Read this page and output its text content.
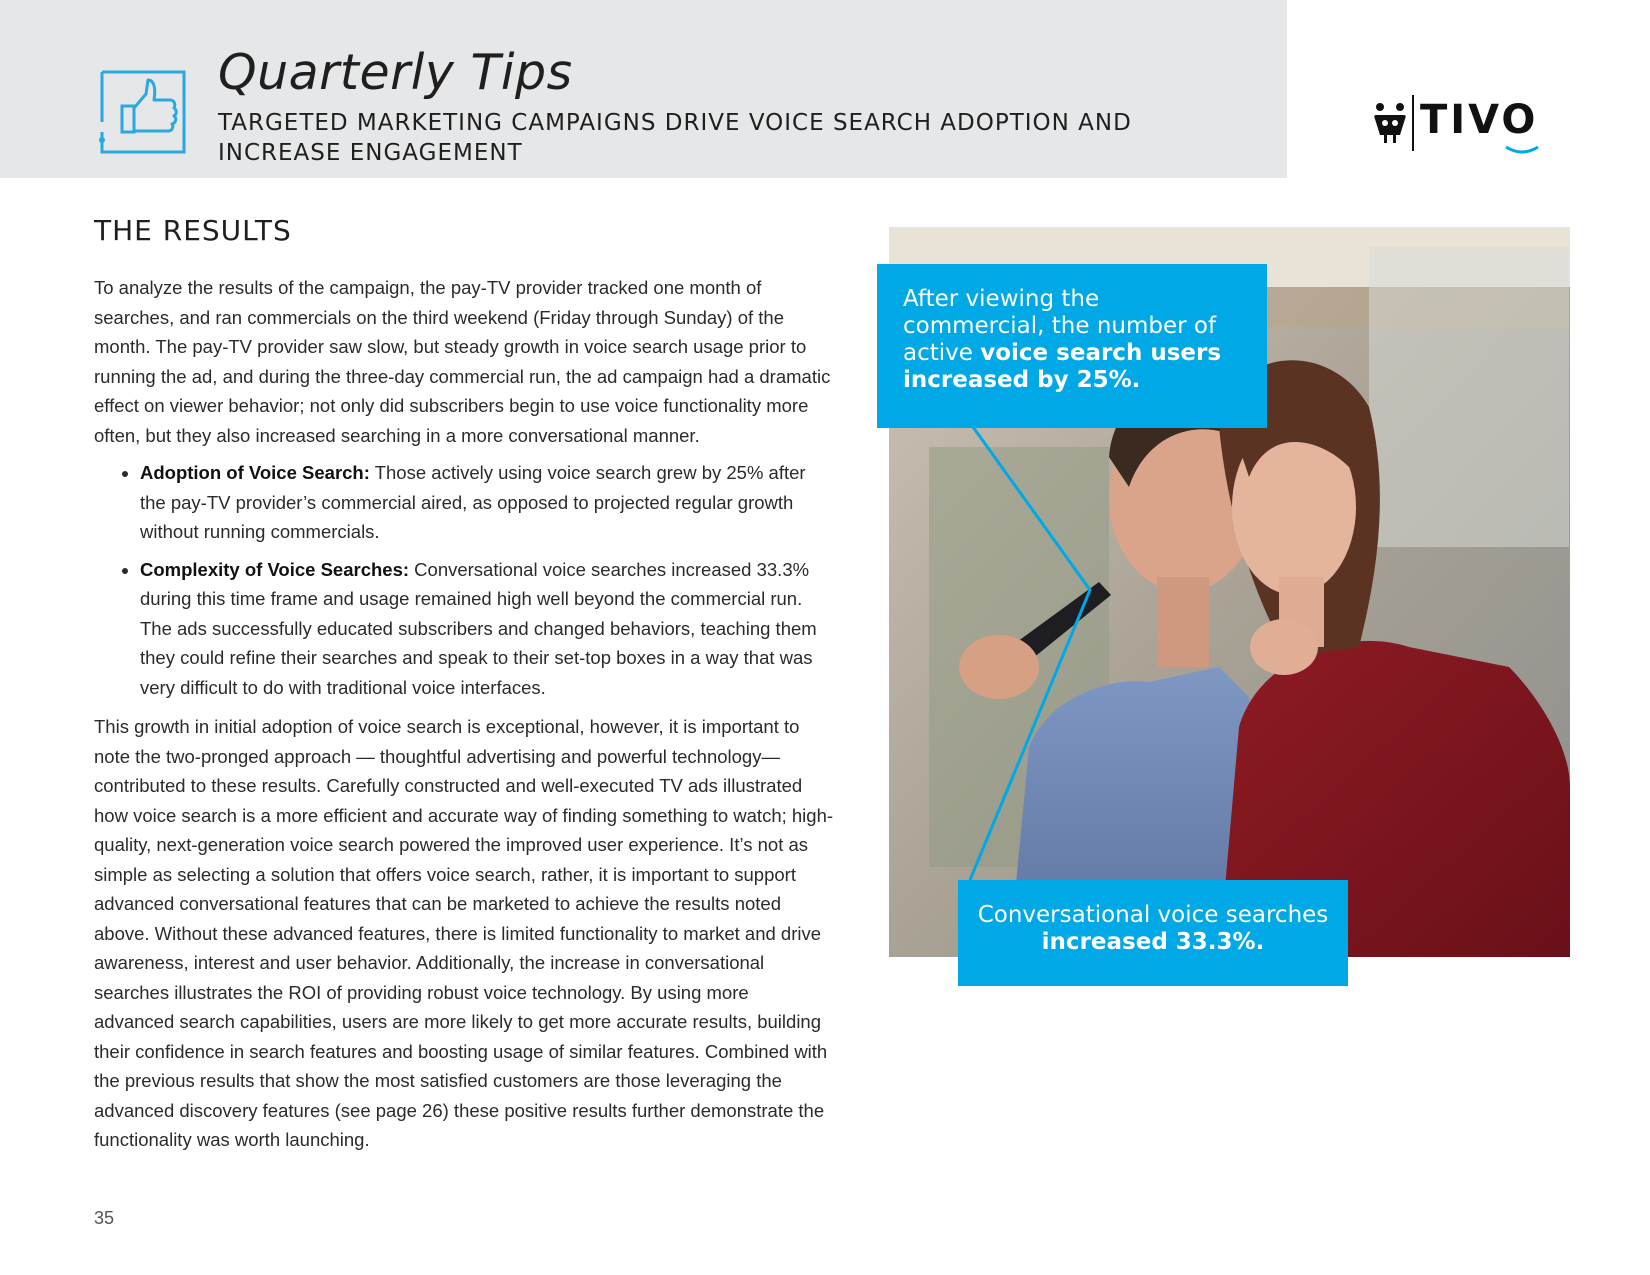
Quarterly Tips

TARGETED MARKETING CAMPAIGNS DRIVE VOICE SEARCH ADOPTION AND INCREASE ENGAGEMENT

TIVO
THE RESULTS

To analyze the results of the campaign, the pay-TV provider tracked one month of searches, and ran commercials on the third weekend (Friday through Sunday) of the month. The pay-TV provider saw slow, but steady growth in voice search usage prior to running the ad, and during the three-day commercial run, the ad campaign had a dramatic effect on viewer behavior; not only did subscribers begin to use voice functionality more often, but they also increased searching in a more conversational manner.

• Adoption of Voice Search: Those actively using voice search grew by 25% after the pay-TV provider’s commercial aired, as opposed to projected regular growth without running commercials.
• Complexity of Voice Searches: Conversational voice searches increased 33.3% during this time frame and usage remained high well beyond the commercial run. The ads successfully educated subscribers and changed behaviors, teaching them they could refine their searches and speak to their set-top boxes in a way that was very difficult to do with traditional voice interfaces.

This growth in initial adoption of voice search is exceptional, however, it is important to note the two-pronged approach — thoughtful advertising and powerful technology— contributed to these results. Carefully constructed and well-executed TV ads illustrated how voice search is a more efficient and accurate way of finding something to watch; high-quality, next-generation voice search powered the improved user experience. It’s not as simple as selecting a solution that offers voice search, rather, it is important to support advanced conversational features that can be marketed to achieve the results noted above. Without these advanced features, there is limited functionality to market and drive awareness, interest and user behavior. Additionally, the increase in conversational searches illustrates the ROI of providing robust voice technology. By using more advanced search capabilities, users are more likely to get more accurate results, building their confidence in search features and boosting usage of similar features. Combined with the previous results that show the most satisfied customers are those leveraging the advanced discovery features (see page 26) these positive results further demonstrate the functionality was worth launching.

35
After viewing the commercial, the number of active voice search users increased by 25%.
Conversational voice searches
increased 33.3%.
